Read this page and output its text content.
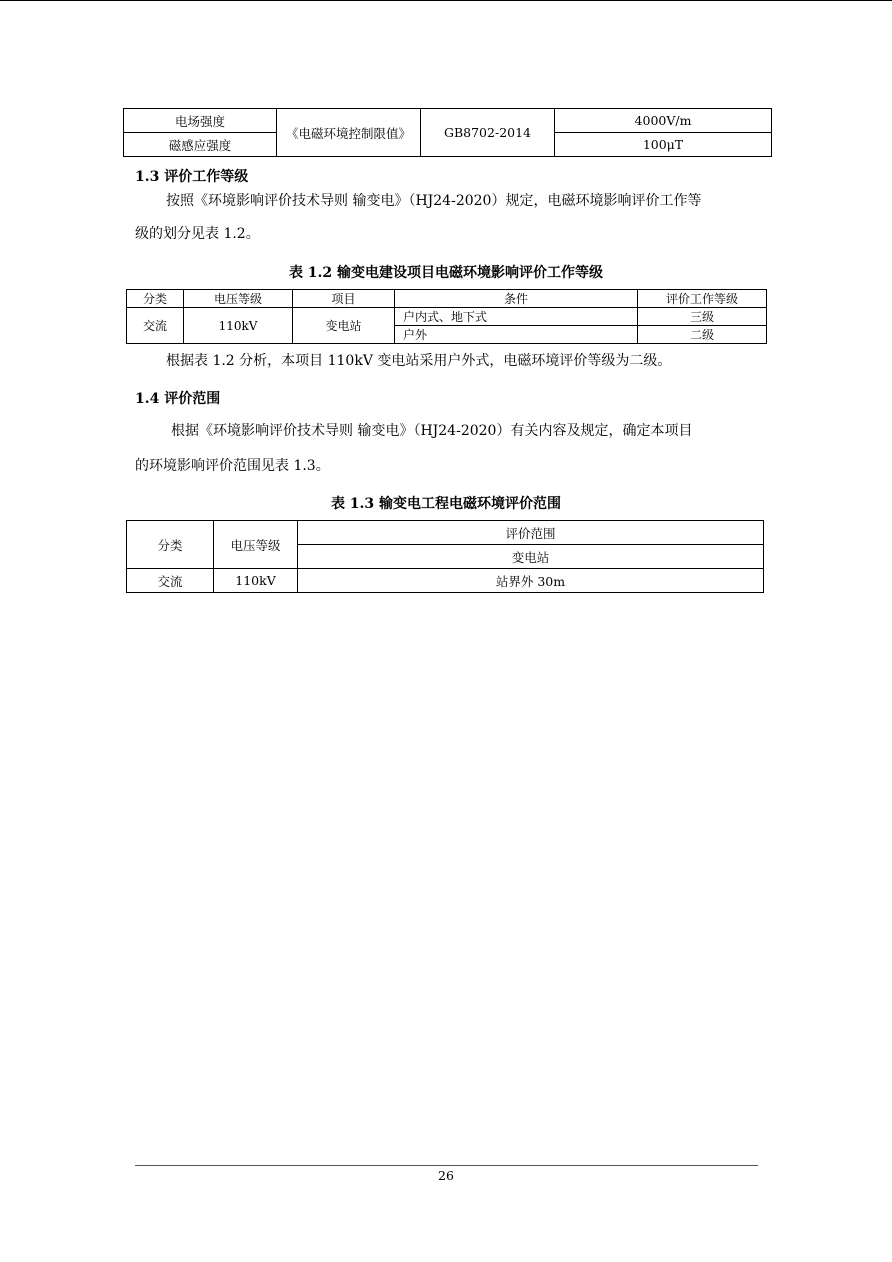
电场强度	《电磁环境控制限值》	GB8702-2014	4000V/m
磁感应强度			100μT
1.3 评价工作等级
按照《环境影响评价技术导则 输变电》（HJ24-2020）规定，电磁环境影响评价工作等
级的划分见表 1.2。
表 1.2 输变电建设项目电磁环境影响评价工作等级
分类	电压等级	项目	条件	评价工作等级
交流	110kV	变电站	户内式、地下式	三级
			户外	二级
根据表 1.2 分析，本项目 110kV 变电站采用户外式，电磁环境评价等级为二级。
1.4 评价范围
根据《环境影响评价技术导则 输变电》（HJ24-2020）有关内容及规定，确定本项目
的环境影响评价范围见表 1.3。
表 1.3 输变电工程电磁环境评价范围
分类	电压等级	评价范围
		变电站
交流	110kV	站界外 30m
26
